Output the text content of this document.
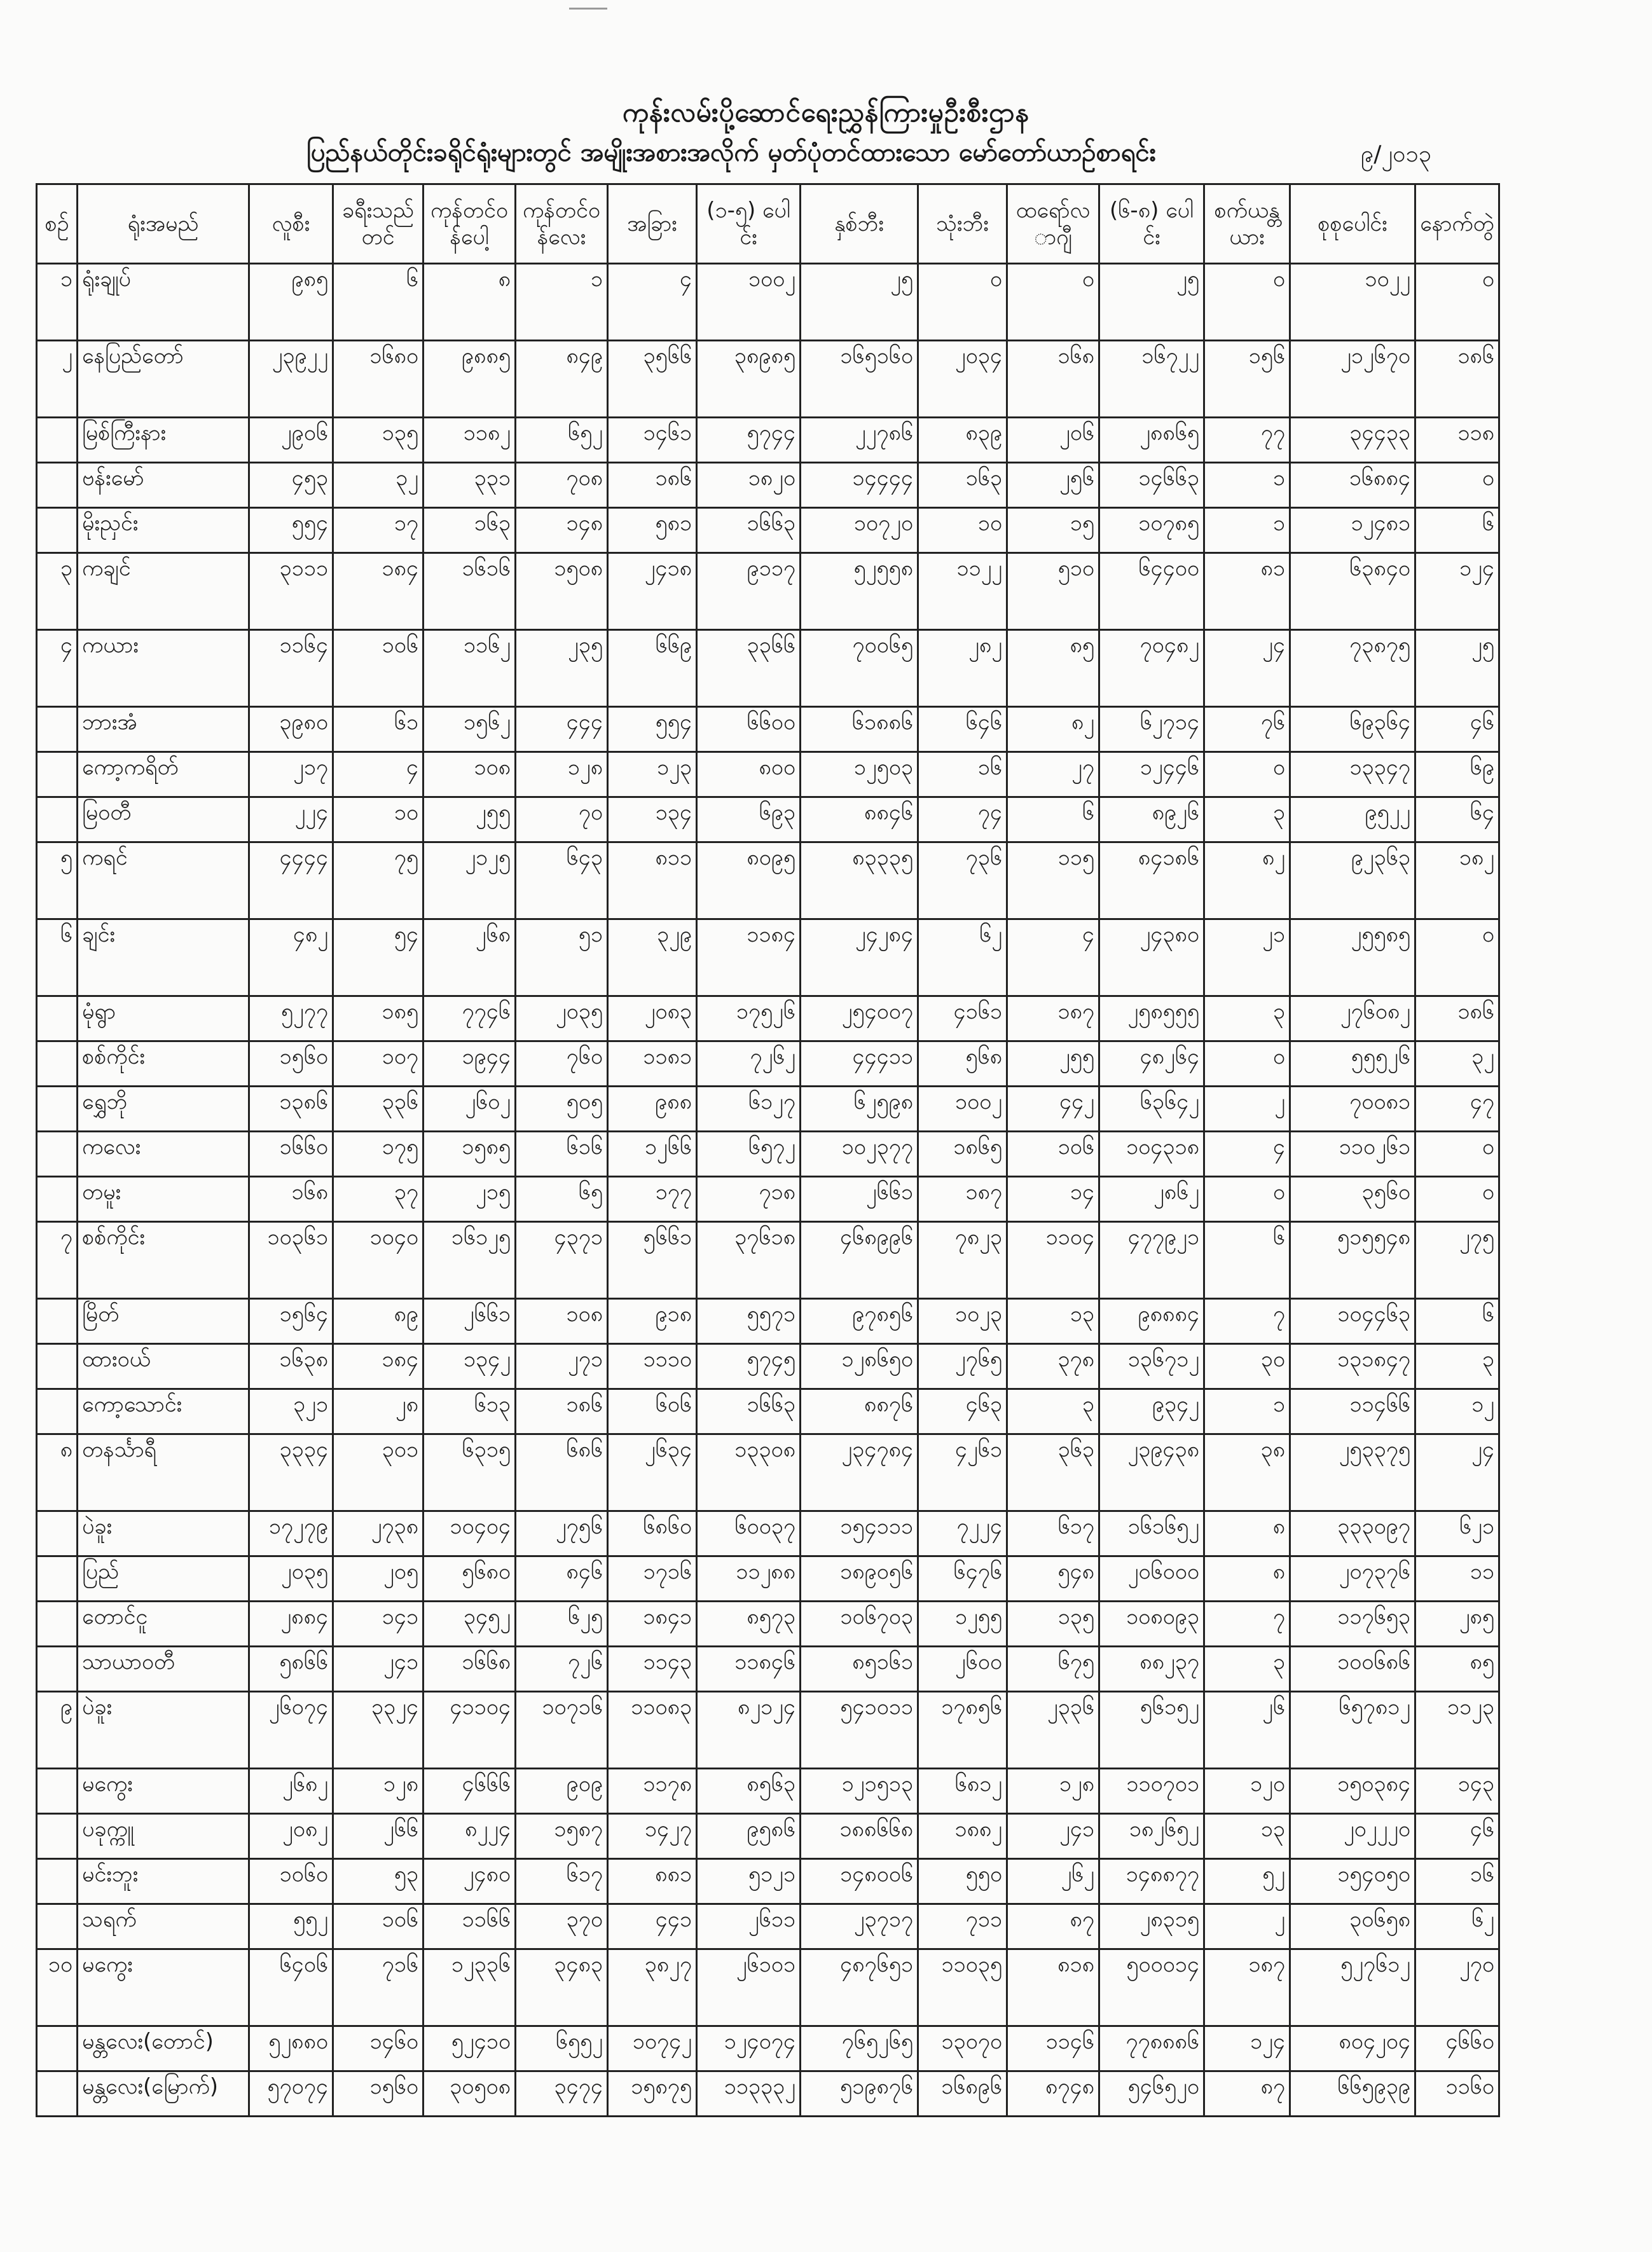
ကုန်းလမ်းပို့ဆောင်ရေးညွှန်ကြားမှုဦးစီးဌာန
ပြည်နယ်တိုင်းခရိုင်ရုံးများတွင် အမျိုးအစားအလိုက် မှတ်ပုံတင်ထားသော မော်တော်ယာဉ်စာရင်း	၉/၂၀၁၃
စဉ်	ရုံးအမည်	လူစီး	ခရီးသည်တင်	ကုန်တင်ဝန်ပေါ့	ကုန်တင်ဝန်လေး	အခြား	(၁-၅) ပေါင်း	နှစ်ဘီး	သုံးဘီး	ထရော်လာဂျီ	(၆-၈) ပေါင်း	စက်ယန္တယား	စုစုပေါင်း	နောက်တွဲ
၁	ရုံးချုပ်	၉၈၅	၆	၈	၁	၄	၁၀၀၂	၂၅	၀	၀	၂၅	၀	၁၀၂၂	၀
၂	နေပြည်တော်	၂၃၉၂၂	၁၆၈၀	၉၈၈၅	၈၄၉	၃၅၆၆	၃၈၉၈၅	၁၆၅၁၆၀	၂၀၃၄	၁၆၈	၁၆၇၂၂	၁၅၆	၂၁၂၆၇၀	၁၈၆
	မြစ်ကြီးနား	၂၉၀၆	၁၃၅	၁၁၈၂	၆၅၂	၁၄၆၁	၅၇၄၄	၂၂၇၈၆	၈၃၉	၂၀၆	၂၈၈၆၅	၇၇	၃၄၄၃၃	၁၁၈
	ဗန်းမော်	၄၅၃	၃၂	၃၃၁	၇၀၈	၁၈၆	၁၈၂၀	၁၄၄၄၄	၁၆၃	၂၅၆	၁၄၆၆၃	၁	၁၆၈၈၄	၀
	မိုးညှင်း	၅၅၄	၁၇	၁၆၃	၁၄၈	၅၈၁	၁၆၆၃	၁၀၇၂၀	၁၀	၁၅	၁၀၇၈၅	၁	၁၂၄၈၁	၆
၃	ကချင်	၃၁၁၁	၁၈၄	၁၆၁၆	၁၅၀၈	၂၄၁၈	၉၁၁၇	၅၂၅၅၈	၁၁၂၂	၅၁၀	၆၄၄၀၀	၈၁	၆၃၈၄၀	၁၂၄
၄	ကယား	၁၁၆၄	၁၀၆	၁၁၆၂	၂၃၅	၆၆၉	၃၃၆၆	၇၀၀၆၅	၂၈၂	၈၅	၇၀၄၈၂	၂၄	၇၃၈၇၅	၂၅
	ဘားအံ	၃၉၈၀	၆၁	၁၅၆၂	၄၄၄	၅၅၄	၆၆၀၀	၆၁၈၈၆	၆၄၆	၈၂	၆၂၇၁၄	၇၆	၆၉၃၆၄	၄၆
	ကော့ကရိတ်	၂၁၇	၄	၁၀၈	၁၂၈	၁၂၃	၈၀၀	၁၂၅၀၃	၁၆	၂၇	၁၂၄၄၆	၀	၁၃၃၄၇	၆၉
	မြဝတီ	၂၂၄	၁၀	၂၅၅	၇၀	၁၃၄	၆၉၃	၈၈၄၆	၇၄	၆	၈၉၂၆	၃	၉၅၂၂	၆၄
၅	ကရင်	၄၄၄၄	၇၅	၂၁၂၅	၆၄၃	၈၁၁	၈၀၉၅	၈၃၃၃၅	၇၃၆	၁၁၅	၈၄၁၈၆	၈၂	၉၂၃၆၃	၁၈၂
၆	ချင်း	၄၈၂	၅၄	၂၆၈	၅၁	၃၂၉	၁၁၈၄	၂၄၂၈၄	၆၂	၄	၂၄၃၈၀	၂၁	၂၅၅၈၅	၀
	မုံရွာ	၅၂၇၇	၁၈၅	၇၇၄၆	၂၀၃၅	၂၀၈၃	၁၇၅၂၆	၂၅၄၀၀၇	၄၁၆၁	၁၈၇	၂၅၈၅၅၅	၃	၂၇၆၀၈၂	၁၈၆
	စစ်ကိုင်း	၁၅၆၀	၁၀၇	၁၉၄၄	၇၆၀	၁၁၈၁	၇၂၆၂	၄၄၄၁၁	၅၆၈	၂၅၅	၄၈၂၆၄	၀	၅၅၅၂၆	၃၂
	ရွှေဘို	၁၃၈၆	၃၃၆	၂၆၀၂	၅၀၅	၉၈၈	၆၁၂၇	၆၂၅၉၈	၁၀၀၂	၄၄၂	၆၃၆၄၂	၂	၇၀၀၈၁	၄၇
	ကလေး	၁၆၆၀	၁၇၅	၁၅၈၅	၆၁၆	၁၂၆၆	၆၅၇၂	၁၀၂၃၇၇	၁၈၆၅	၁၀၆	၁၀၄၃၁၈	၄	၁၁၀၂၆၁	၀
	တမူး	၁၆၈	၃၇	၂၁၅	၆၅	၁၇၇	၇၁၈	၂၆၆၁	၁၈၇	၁၄	၂၈၆၂	၀	၃၅၆၀	၀
၇	စစ်ကိုင်း	၁၀၃၆၁	၁၀၄၀	၁၆၁၂၅	၄၃၇၁	၅၆၆၁	၃၇၆၁၈	၄၆၈၉၉၆	၇၈၂၃	၁၁၀၄	၄၇၇၉၂၁	၆	၅၁၅၅၄၈	၂၇၅
	မြိတ်	၁၅၆၄	၈၉	၂၆၆၁	၁၀၈	၉၁၈	၅၅၇၁	၉၇၈၅၆	၁၀၂၃	၁၃	၉၈၈၈၄	၇	၁၀၄၄၆၃	၆
	ထားဝယ်	၁၆၃၈	၁၈၄	၁၃၄၂	၂၇၁	၁၁၁၀	၅၇၄၅	၁၂၈၆၅၀	၂၇၆၅	၃၇၈	၁၃၆၇၁၂	၃၀	၁၃၁၈၄၇	၃
	ကော့သောင်း	၃၂၁	၂၈	၆၁၃	၁၈၆	၆၀၆	၁၆၆၃	၈၈၇၆	၄၆၃	၃	၉၃၄၂	၁	၁၁၄၆၆	၁၂
၈	တနင်္သာရီ	၃၃၃၄	၃၀၁	၆၃၁၅	၆၈၆	၂၆၃၄	၁၃၃၀၈	၂၃၄၇၈၄	၄၂၆၁	၃၆၃	၂၃၉၄၃၈	၃၈	၂၅၃၃၇၅	၂၄
	ပဲခူး	၁၇၂၇၉	၂၇၃၈	၁၀၄၀၄	၂၇၅၆	၆၈၆၀	၆၀၀၃၇	၁၅၄၁၁၁	၇၂၂၄	၆၁၇	၁၆၁၆၅၂	၈	၃၃၃၀၉၇	၆၂၁
	ပြည်	၂၀၃၅	၂၀၅	၅၆၈၀	၈၄၆	၁၇၁၆	၁၁၂၈၈	၁၈၉၀၅၆	၆၄၇၆	၅၄၈	၂၀၆၀၀၀	၈	၂၀၇၃၇၆	၁၁
	တောင်ငူ	၂၈၈၄	၁၄၁	၃၄၅၂	၆၂၅	၁၈၄၁	၈၅၇၃	၁၀၆၇၀၃	၁၂၅၅	၁၃၅	၁၀၈၀၉၃	၇	၁၁၇၆၅၃	၂၈၅
	သာယာဝတီ	၅၈၆၆	၂၄၁	၁၆၆၈	၇၂၆	၁၁၄၃	၁၁၈၄၆	၈၅၁၆၁	၂၆၀၀	၆၇၅	၈၈၂၃၇	၃	၁၀၀၆၈၆	၈၅
၉	ပဲခူး	၂၆၀၇၄	၃၃၂၄	၄၁၁၀၄	၁၀၇၁၆	၁၁၀၈၃	၈၂၁၂၄	၅၄၁၀၁၁	၁၇၈၅၆	၂၃၃၆	၅၆၁၅၂	၂၆	၆၅၇၈၁၂	၁၁၂၃
	မကွေး	၂၆၈၂	၁၂၈	၄၆၆၆	၉၀၉	၁၁၇၈	၈၅၆၃	၁၂၁၅၁၃	၆၈၁၂	၁၂၈	၁၁၀၇၀၁	၁၂၀	၁၅၀၃၈၄	၁၄၃
	ပခုက္ကူ	၂၀၈၂	၂၆၆	၈၂၂၄	၁၅၈၇	၁၄၂၇	၉၅၈၆	၁၈၈၆၆၈	၁၈၈၂	၂၄၁	၁၈၂၆၅၂	၁၃	၂၀၂၂၂၀	၄၆
	မင်းဘူး	၁၀၆၀	၅၃	၂၄၈၀	၆၁၇	၈၈၁	၅၁၂၁	၁၄၈၀၀၆	၅၅၀	၂၆၂	၁၄၈၈၇၇	၅၂	၁၅၄၀၅၀	၁၆
	သရက်	၅၅၂	၁၀၆	၁၁၆၆	၃၇၀	၄၄၁	၂၆၁၁	၂၃၇၁၇	၇၁၁	၈၇	၂၈၃၁၅	၂	၃၀၆၅၈	၆၂
၁၀	မကွေး	၆၄၀၆	၇၁၆	၁၂၃၃၆	၃၄၈၃	၃၈၂၇	၂၆၁၀၁	၄၈၇၆၅၁	၁၁၀၃၅	၈၁၈	၅၀၀၀၁၄	၁၈၇	၅၂၇၆၁၂	၂၇၀
	မန္တလေး(တောင်)	၅၂၈၈၀	၁၄၆၀	၅၂၄၁၀	၆၅၅၂	၁၀၇၄၂	၁၂၄၀၇၄	၇၆၅၂၆၅	၁၃၀၇၀	၁၁၄၆	၇၇၈၈၈၆	၁၂၄	၈၀၄၂၀၄	၄၆၆၀
	မန္တလေး(မြောက်)	၅၇၀၇၄	၁၅၆၀	၃၀၅၀၈	၃၄၇၄	၁၅၈၇၅	၁၁၃၃၃၂	၅၁၉၈၇၆	၁၆၈၉၆	၈၇၄၈	၅၄၆၅၂၀	၈၇	၆၆၅၉၃၉	၁၁၆၀
